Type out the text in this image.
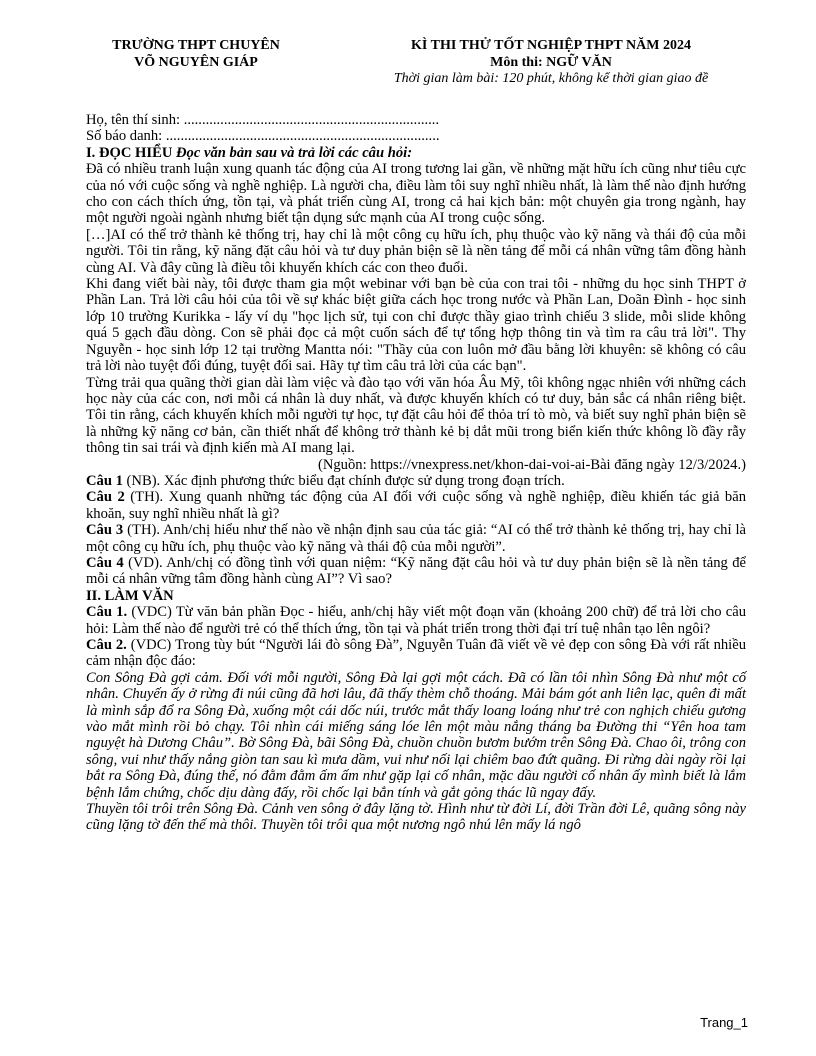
TRƯỜNG THPT CHUYÊN
VÕ NGUYÊN GIÁP
KÌ THI THỬ TỐT NGHIỆP THPT NĂM 2024
Môn thi: NGỮ VĂN
Thời gian làm bài: 120 phút, không kể thời gian giao đề

Họ, tên thí sinh: ......................................................................

Số báo danh: ...........................................................................

I. ĐỌC HIỂU Đọc văn bản sau và trả lời các câu hỏi:

Đã có nhiều tranh luận xung quanh tác động của AI trong tương lai gần, về những mặt hữu ích cũng như tiêu cực của nó với cuộc sống và nghề nghiệp. Là người cha, điều làm tôi suy nghĩ nhiều nhất, là làm thế nào định hướng cho con cách thích ứng, tồn tại, và phát triển cùng AI, trong cả hai kịch bản: một chuyên gia trong ngành, hay một người ngoài ngành nhưng biết tận dụng sức mạnh của AI trong cuộc sống.

[…]AI có thể trở thành kẻ thống trị, hay chỉ là một công cụ hữu ích, phụ thuộc vào kỹ năng và thái độ của mỗi người. Tôi tin rằng, kỹ năng đặt câu hỏi và tư duy phản biện sẽ là nền tảng để mỗi cá nhân vững tâm đồng hành cùng AI. Và đây cũng là điều tôi khuyến khích các con theo đuổi.

Khi đang viết bài này, tôi được tham gia một webinar với bạn bè của con trai tôi - những du học sinh THPT ở Phần Lan. Trả lời câu hỏi của tôi về sự khác biệt giữa cách học trong nước và Phần Lan, Doãn Đình - học sinh lớp 10 trường Kurikka - lấy ví dụ "học lịch sử, tụi con chỉ được thầy giao trình chiếu 3 slide, mỗi slide không quá 5 gạch đầu dòng. Con sẽ phải đọc cả một cuốn sách để tự tổng hợp thông tin và tìm ra câu trả lời". Thy Nguyễn - học sinh lớp 12 tại trường Mantta nói: "Thầy của con luôn mở đầu bằng lời khuyên: sẽ không có câu trả lời nào tuyệt đối đúng, tuyệt đối sai. Hãy tự tìm câu trả lời của các bạn".

Từng trải qua quãng thời gian dài làm việc và đào tạo với văn hóa Âu Mỹ, tôi không ngạc nhiên với những cách học này của các con, nơi mỗi cá nhân là duy nhất, và được khuyến khích có tư duy, bản sắc cá nhân riêng biệt. Tôi tin rằng, cách khuyến khích mỗi người tự học, tự đặt câu hỏi để thỏa trí tò mò, và biết suy nghĩ phản biện sẽ là những kỹ năng cơ bản, cần thiết nhất để không trở thành kẻ bị dắt mũi trong biển kiến thức không lồ đầy rẫy thông tin sai trái và định kiến mà AI mang lại.

(Nguồn: https://vnexpress.net/khon-dai-voi-ai-Bài đăng ngày 12/3/2024.)

Câu 1 (NB). Xác định phương thức biểu đạt chính được sử dụng trong đoạn trích.

Câu 2 (TH). Xung quanh những tác động của AI đối với cuộc sống và nghề nghiệp, điều khiến tác giả băn khoăn, suy nghĩ nhiều nhất là gì?

Câu 3 (TH). Anh/chị hiểu như thế nào về nhận định sau của tác giả: “AI có thể trở thành kẻ thống trị, hay chỉ là một công cụ hữu ích, phụ thuộc vào kỹ năng và thái độ của mỗi người”.

Câu 4 (VD). Anh/chị có đồng tình với quan niệm: “Kỹ năng đặt câu hỏi và tư duy phản biện sẽ là nền tảng để mỗi cá nhân vững tâm đồng hành cùng AI”? Vì sao?

II. LÀM VĂN

Câu 1. (VDC) Từ văn bản phần Đọc - hiểu, anh/chị hãy viết một đoạn văn (khoảng 200 chữ) để trả lời cho câu hỏi: Làm thế nào để người trẻ có thể thích ứng, tồn tại và phát triển trong thời đại trí tuệ nhân tạo lên ngôi?

Câu 2. (VDC) Trong tùy bút “Người lái đò sông Đà”, Nguyễn Tuân đã viết về vẻ đẹp con sông Đà với rất nhiều cảm nhận độc đáo:

Con Sông Đà gợi cảm. Đối với mỗi người, Sông Đà lại gợi một cách. Đã có lần tôi nhìn Sông Đà như một cố nhân. Chuyến ấy ở rừng đi núi cũng đã hơi lâu, đã thấy thèm chỗ thoáng. Mải bám gót anh liên lạc, quên đi mất là mình sắp đổ ra Sông Đà, xuống một cái dốc núi, trước mắt thấy loang loáng như trẻ con nghịch chiếu gương vào mắt mình rồi bỏ chạy. Tôi nhìn cái miếng sáng lóe lên một màu nắng tháng ba Đường thi “Yên hoa tam nguyệt hà Dương Châu”. Bờ Sông Đà, bãi Sông Đà, chuồn chuồn bươm bướm trên Sông Đà. Chao ôi, trông con sông, vui như thấy nắng giòn tan sau kì mưa dầm, vui như nối lại chiêm bao đứt quãng. Đi rừng dài ngày rồi lại bắt ra Sông Đà, đúng thế, nó đằm đằm ấm ấm như gặp lại cố nhân, mặc dầu người cố nhân ấy mình biết là lắm bệnh lắm chứng, chốc dịu dàng đấy, rồi chốc lại bẳn tính và gắt gỏng thác lũ ngay đấy.

Thuyền tôi trôi trên Sông Đà. Cảnh ven sông ở đây lặng tờ. Hình như từ đời Lí, đời Trần đời Lê, quãng sông này cũng lặng tờ đến thế mà thôi. Thuyền tôi trôi qua một nương ngô nhú lên mấy lá ngô

Trang_1
